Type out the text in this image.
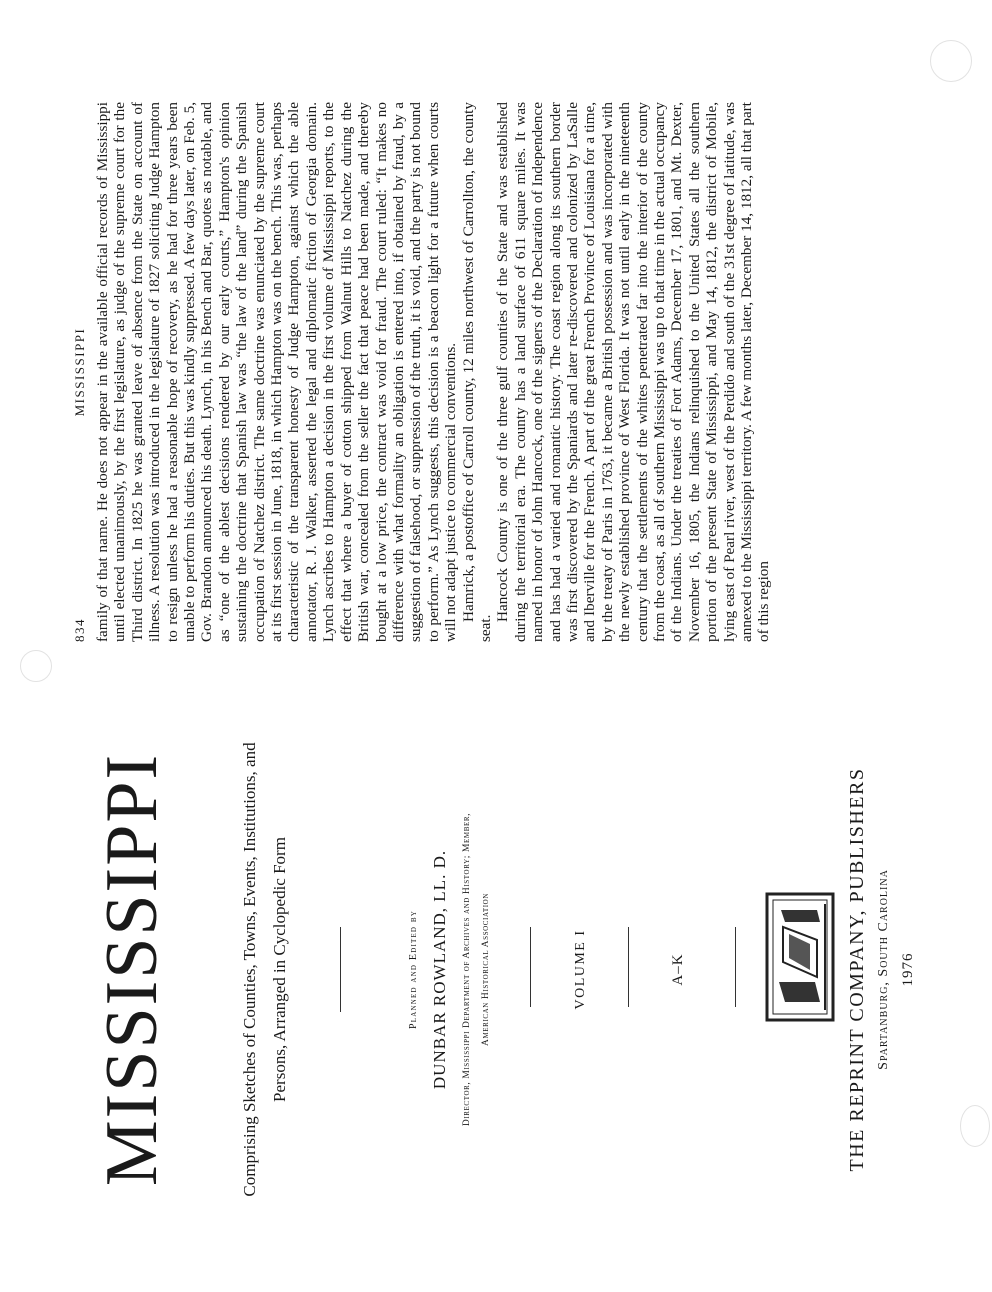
MISSISSIPPI	Comprising Sketches of Counties, Towns, Events, Institutions, and Persons, Arranged in Cyclopedic Form	Planned and Edited by DUNBAR ROWLAND, LL. D.	Director, Mississippi Department of Archives and History; Member, American Historical Association	VOLUME I	A–K	THE REPRINT COMPANY, PUBLISHERS Spartanburg, South Carolina 1976
834
MISSISSIPPI family of that name. He does not appear in the available official records of Mississippi until elected unanimously, by the first legislature, as judge of the supreme court for the Third district. In 1825 he was granted leave of absence from the State on account of illness. A resolution was introduced in the legislature of 1827 soliciting Judge Hampton to resign unless he had a reasonable hope of recovery, as he had for three years been unable to perform his duties. But this was kindly suppressed. A few days later, on Feb. 5, Gov. Brandon announced his death. Lynch, in his Bench and Bar, quotes as notable, and as “one of the ablest decisions rendered by our early courts,” Hampton's opinion sustaining the doctrine that Spanish law was “the law of the land” during the Spanish occupation of Natchez district. The same doctrine was enunciated by the supreme court at its first session in June, 1818, in which Hampton was on the bench. This was, perhaps characteristic of the transparent honesty of Judge Hampton, against which the able annotator, R. J. Walker, asserted the legal and diplomatic fiction of Georgia domain. Lynch ascribes to Hampton a decision in the first volume of Mississippi reports, to the effect that where a buyer of cotton shipped from Walnut Hills to Natchez during the British war, concealed from the seller the fact that peace had been made, and thereby bought at a low price, the contract was void for fraud. The court ruled: “It makes no difference with what formality an obligation is entered into, if obtained by fraud, by a suggestion of falsehood, or suppression of the truth, it is void, and the party is not bound to perform.” As Lynch suggests, this decision is a beacon light for a future when courts will not adapt justice to commercial conventions. Hamrick, a postoffice of Carroll county, 12 miles northwest of Carrollton, the county seat.

Hancock County is one of the three gulf counties of the State and was established during the territorial era. The county has a land surface of 611 square miles. It was named in honor of John Hancock, one of the signers of the Declaration of Independence and has had a varied and romantic history. The coast region along its southern border was first discovered by the Spaniards and later re-discovered and colonized by LaSalle and Iberville for the French. A part of the great French Province of Louisiana for a time, by the treaty of Paris in 1763, it became a British possession and was incorporated with the newly established province of West Florida. It was not until early in the nineteenth century that the settlements of the whites penetrated far into the interior of the county from the coast, as all of southern Mississippi was up to that time in the actual occupancy of the Indians. Under the treaties of Fort Adams, December 17, 1801, and Mt. Dexter, November 16, 1805, the Indians relinquished to the United States all the southern portion of the present State of Mississippi, and May 14, 1812, the district of Mobile, lying east of Pearl river, west of the Perdido and south of the 31st degree of latitude, was annexed to the Mississippi territory. A few months later, December 14, 1812, all that part of this region
